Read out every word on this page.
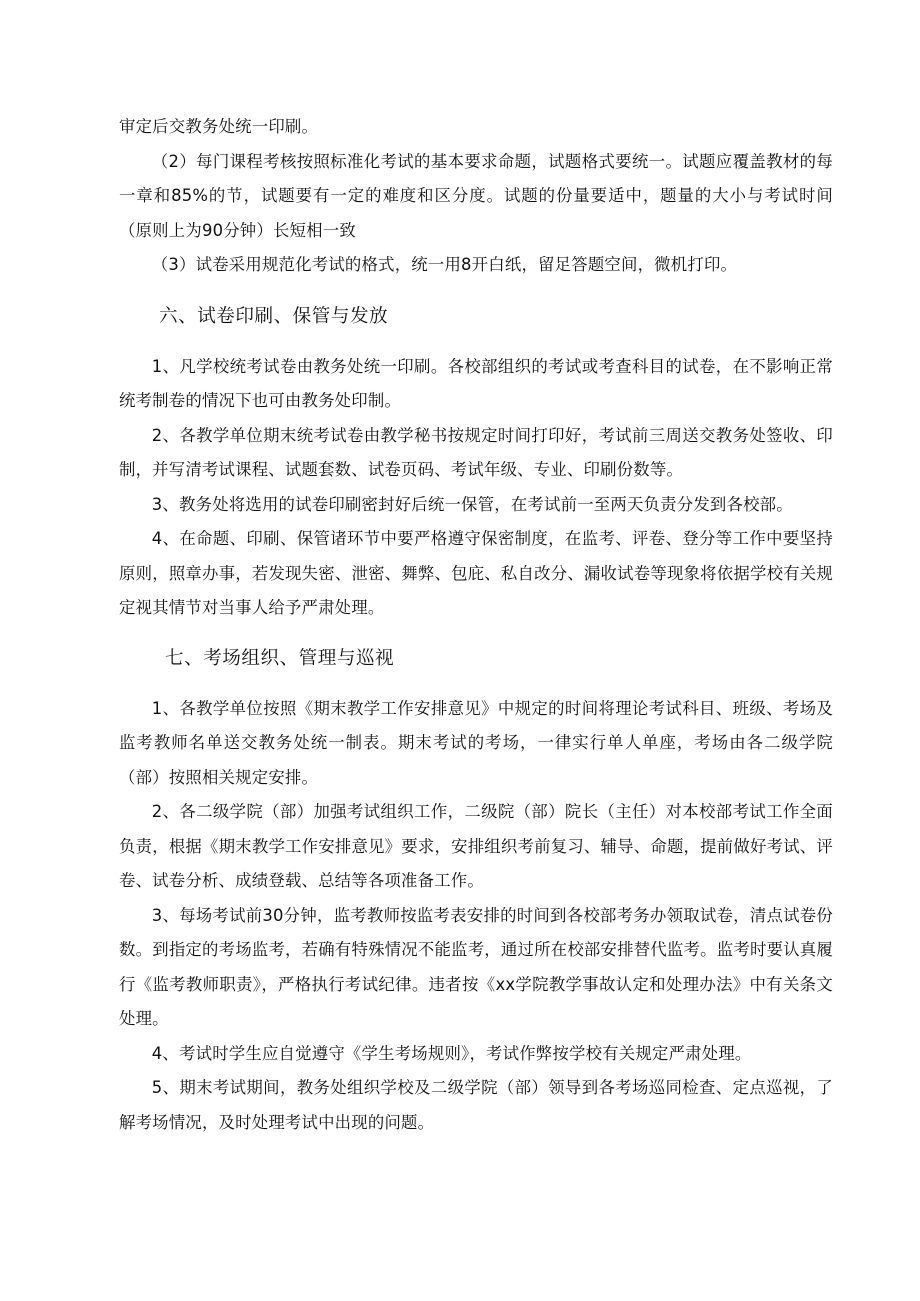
审定后交教务处统一印刷。

（2）每门课程考核按照标准化考试的基本要求命题，试题格式要统一。试题应覆盖教材的每一章和85%的节，试题要有一定的难度和区分度。试题的份量要适中，题量的大小与考试时间（原则上为90分钟）长短相一致

（3）试卷采用规范化考试的格式，统一用8开白纸，留足答题空间，微机打印。

六、试卷印刷、保管与发放

1、凡学校统考试卷由教务处统一印刷。各校部组织的考试或考查科目的试卷，在不影响正常统考制卷的情况下也可由教务处印制。

2、各教学单位期末统考试卷由教学秘书按规定时间打印好，考试前三周送交教务处签收、印制，并写清考试课程、试题套数、试卷页码、考试年级、专业、印刷份数等。

3、教务处将选用的试卷印刷密封好后统一保管，在考试前一至两天负责分发到各校部。

4、在命题、印刷、保管诸环节中要严格遵守保密制度，在监考、评卷、登分等工作中要坚持原则，照章办事，若发现失密、泄密、舞弊、包庇、私自改分、漏收试卷等现象将依据学校有关规定视其情节对当事人给予严肃处理。

七、考场组织、管理与巡视

1、各教学单位按照《期末教学工作安排意见》中规定的时间将理论考试科目、班级、考场及监考教师名单送交教务处统一制表。期末考试的考场，一律实行单人单座，考场由各二级学院（部）按照相关规定安排。

2、各二级学院（部）加强考试组织工作，二级院（部）院长（主任）对本校部考试工作全面负责，根据《期末教学工作安排意见》要求，安排组织考前复习、辅导、命题，提前做好考试、评卷、试卷分析、成绩登载、总结等各项准备工作。

3、每场考试前30分钟，监考教师按监考表安排的时间到各校部考务办领取试卷，清点试卷份数。到指定的考场监考，若确有特殊情况不能监考，通过所在校部安排替代监考。监考时要认真履行《监考教师职责》，严格执行考试纪律。违者按《xx学院教学事故认定和处理办法》中有关条文处理。

4、考试时学生应自觉遵守《学生考场规则》，考试作弊按学校有关规定严肃处理。

5、期末考试期间，教务处组织学校及二级学院（部）领导到各考场巡同检查、定点巡视，了解考场情况，及时处理考试中出现的问题。
